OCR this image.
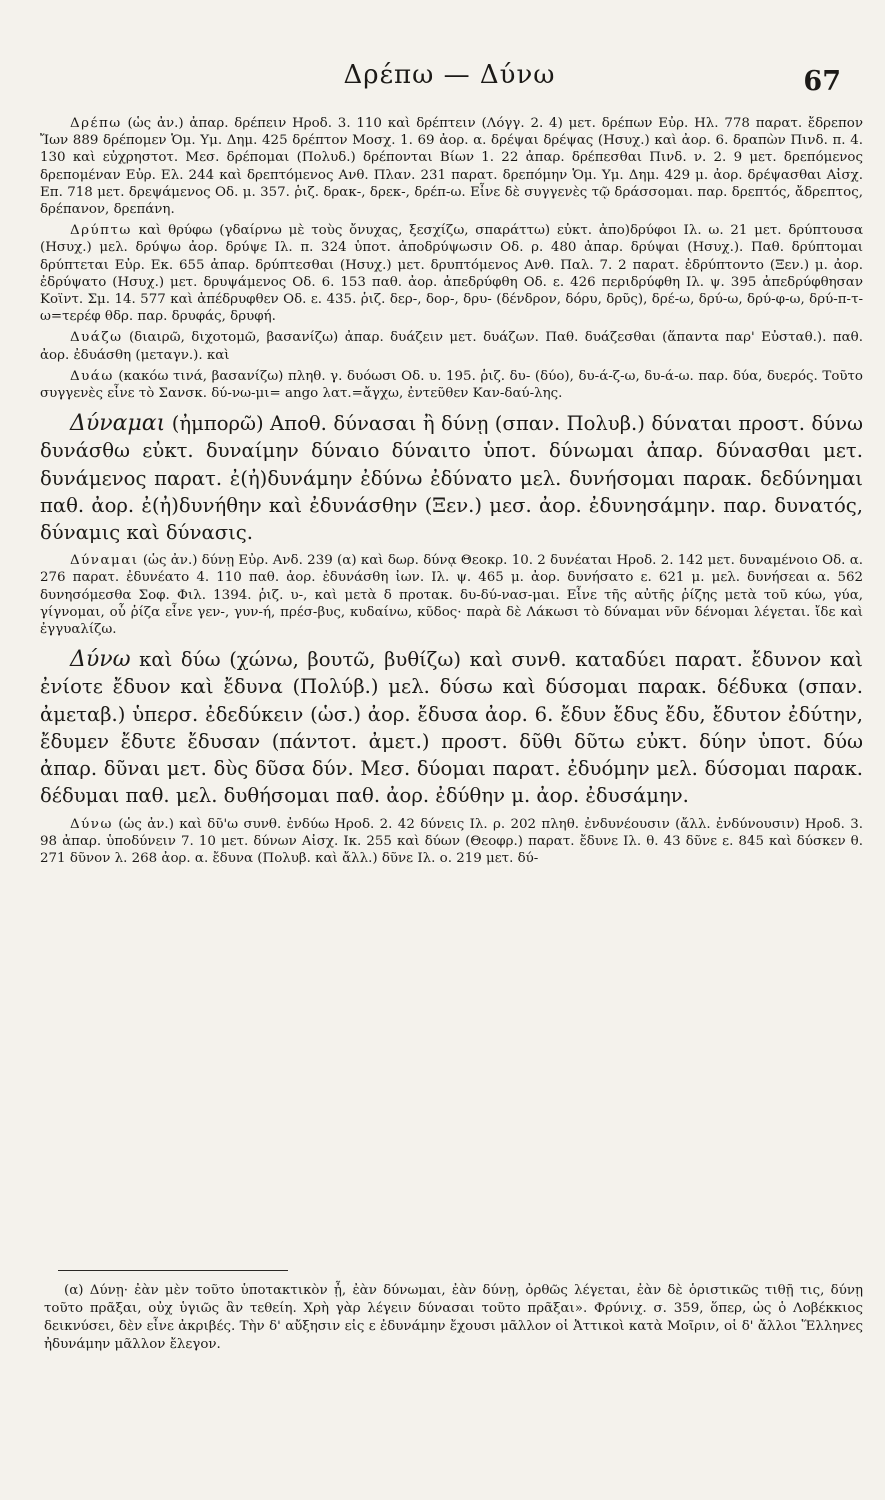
Δρέπω — Δύνω	67

Δρέπω (ὡς ἀν.) ἀπαρ. δρέπειν Ηροδ. 3. 110 καὶ δρέπτειν (Λόγγ. 2. 4) μετ. δρέπων Εὐρ. Ηλ. 778 παρατ. ἔδρεπον Ἴων 889 δρέπομεν Ὁμ. Υμ. Δημ. 425 δρέπτον Μοσχ. 1. 69 ἀορ. α. δρέψαι δρέψας (Ησυχ.) καὶ ἀορ. 6. δραπὼν Πινδ. π. 4. 130 καὶ εὐχρηστοτ. Μεσ. δρέπομαι (Πολυδ.) δρέπονται Βίων 1. 22 ἀπαρ. δρέπεσθαι Πινδ. ν. 2. 9 μετ. δρεπόμενος δρεπομέναν Εὐρ. Ελ. 244 καὶ δρεπτόμενος Ανθ. Πλαν. 231 παρατ. δρεπόμην Ὁμ. Υμ. Δημ. 429 μ. ἀορ. δρέψασθαι Αἰσχ. Επ. 718 μετ. δρεψάμενος Οδ. μ. 357. ῥιζ. δρακ-, δρεκ-, δρέπ-ω. Εἶνε δὲ συγγενὲς τῷ δράσσομαι. παρ. δρεπτός, ἄδρεπτος, δρέπανον, δρεπάνη.

Δρύπτω καὶ θρύφω (γδαίρνω μὲ τοὺς ὄνυχας, ξεσχίζω, σπαράττω) εὐκτ. ἀπο)δρύφοι Ιλ. ω. 21 μετ. δρύπτουσα (Ησυχ.) μελ. δρύψω ἀορ. δρύψε Ιλ. π. 324 ὑποτ. ἀποδρύψωσιν Οδ. ρ. 480 ἀπαρ. δρύψαι (Ησυχ.). Παθ. δρύπτομαι δρύπτεται Εὐρ. Εκ. 655 ἀπαρ. δρύπτεσθαι (Ησυχ.) μετ. δρυπτόμενος Ανθ. Παλ. 7. 2 παρατ. ἐδρύπτοντο (Ξεν.) μ. ἀορ. ἐδρύψατο (Ησυχ.) μετ. δρυψάμενος Οδ. 6. 153 παθ. ἀορ. ἀπεδρύφθη Οδ. ε. 426 περιδρύφθη Ιλ. ψ. 395 ἀπεδρύφθησαν Κοϊντ. Σμ. 14. 577 καὶ ἀπέδρυφθεν Οδ. ε. 435. ῥιζ. δερ-, δορ-, δρυ- (δένδρον, δόρυ, δρῦς), δρέ-ω, δρύ-ω, δρύ-φ-ω, δρύ-π-τ-ω=τερέφ θδρ. παρ. δρυφάς, δρυφή.

Δυάζω (διαιρῶ, διχοτομῶ, βασανίζω) ἀπαρ. δυάζειν μετ. δυάζων. Παθ. δυάζεσθαι (ἅπαντα παρ' Εὐσταθ.). παθ. ἀορ. ἐδυάσθη (μεταγν.). καὶ

Δυάω (κακόω τινά, βασανίζω) πληθ. γ. δυόωσι Οδ. υ. 195. ῥιζ. δυ- (δύο), δυ-ά-ζ-ω, δυ-ά-ω. παρ. δύα, δυερός. Τοῦτο συγγενὲς εἶνε τὸ Σανσκ. δύ-νω-μι= ango λατ.=ἄγχω, ἐντεῦθεν Καν-δαύ-λης.

Δύναμαι (ἠμπορῶ) Αποθ. δύνασαι ἢ δύνῃ (σπαν. Πολυβ.) δύναται προστ. δύνω δυνάσθω εὐκτ. δυναίμην δύναιο δύναιτο ὑποτ. δύνωμαι ἀπαρ. δύνασθαι μετ. δυνάμενος παρατ. ἐ(ἠ)δυνάμην ἐδύνω ἐδύνατο μελ. δυνήσομαι παρακ. δεδύνημαι παθ. ἀορ. ἐ(ἠ)δυνήθην καὶ ἐδυνάσθην (Ξεν.) μεσ. ἀορ. ἐδυνησάμην. παρ. δυνατός, δύναμις καὶ δύνασις.

Δύναμαι (ὡς ἀν.) δύνῃ Εὐρ. Ανδ. 239 (α) καὶ δωρ. δύνᾳ Θεοκρ. 10. 2 δυνέαται Ηροδ. 2. 142 μετ. δυναμένοιο Οδ. α. 276 παρατ. ἐδυνέατο 4. 110 παθ. ἀορ. ἐδυνάσθη ἰων. Ιλ. ψ. 465 μ. ἀορ. δυνήσατο ε. 621 μ. μελ. δυνήσεαι α. 562 δυνησόμεσθα Σοφ. Φιλ. 1394. ῥιζ. υ-, καὶ μετὰ δ προτακ. δυ-δύ-νασ-μαι. Εἶνε τῆς αὐτῆς ῥίζης μετὰ τοῦ κύω, γύα, γίγνομαι, οὗ ῥίζα εἶνε γεν-, γυν-ή, πρέσ-βυς, κυδαίνω, κῦδος· παρὰ δὲ Λάκωσι τὸ δύναμαι νῦν δένομαι λέγεται. ἴδε καὶ ἐγγυαλίζω.

Δύνω καὶ δύω (χώνω, βουτῶ, βυθίζω) καὶ συνθ. καταδύει παρατ. ἔδυνον καὶ ἐνίοτε ἔδυον καὶ ἔδυνα (Πολύβ.) μελ. δύσω καὶ δύσομαι παρακ. δέδυκα (σπαν. ἀμεταβ.) ὑπερσ. ἐδεδύκειν (ὡσ.) ἀορ. ἔδυσα ἀορ. 6. ἔδυν ἔδυς ἔδυ, ἔδυτον ἐδύτην, ἔδυμεν ἔδυτε ἔδυσαν (πάντοτ. ἀμετ.) προστ. δῦθι δῦτω εὐκτ. δύην ὑποτ. δύω ἀπαρ. δῦναι μετ. δὺς δῦσα δύν. Μεσ. δύομαι παρατ. ἐδυόμην μελ. δύσομαι παρακ. δέδυμαι παθ. μελ. δυθήσομαι παθ. ἀορ. ἐδύθην μ. ἀορ. ἐδυσάμην.

Δύνω (ὡς ἀν.) καὶ δῦ'ω συνθ. ἐνδύω Ηροδ. 2. 42 δύνεις Ιλ. ρ. 202 πληθ. ἐνδυνέουσιν (ἄλλ. ἐνδύνουσιν) Ηροδ. 3. 98 ἀπαρ. ὑποδύνειν 7. 10 μετ. δύνων Αἰσχ. Ικ. 255 καὶ δύων (Θεοφρ.) παρατ. ἔδυνε Ιλ. θ. 43 δῦνε ε. 845 καὶ δύσκεν θ. 271 δῦνον λ. 268 ἀορ. α. ἔδυνα (Πολυβ. καὶ ἄλλ.) δῦνε Ιλ. ο. 219 μετ. δύ-

(α) Δύνῃ· ἐὰν μὲν τοῦτο ὑποτακτικὸν ᾖ, ἐὰν δύνωμαι, ἐὰν δύνῃ, ὀρθῶς λέγεται, ἐὰν δὲ ὁριστικῶς τιθῇ τις, δύνῃ τοῦτο πρᾶξαι, οὐχ ὑγιῶς ἂν τεθείη. Χρὴ γὰρ λέγειν δύνασαι τοῦτο πρᾶξαι». Φρύνιχ. σ. 359, ὅπερ, ὡς ὁ Λοβέκκιος δεικνύσει, δὲν εἶνε ἀκριβές. Τὴν δ' αὔξησιν εἰς ε ἐδυνάμην ἔχουσι μᾶλλον οἱ Ἀττικοὶ κατὰ Μοῖριν, οἱ δ' ἄλλοι Ἕλληνες ἠδυνάμην μᾶλλον ἔλεγον.
